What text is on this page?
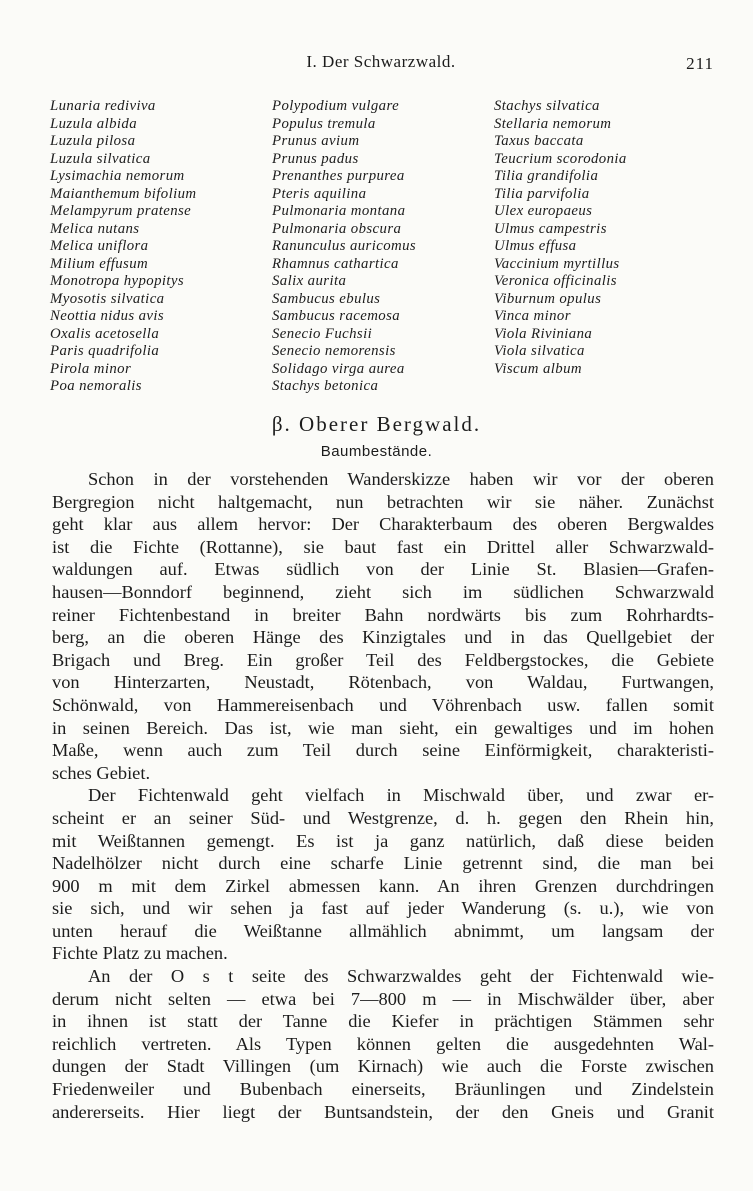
I. Der Schwarzwald.	211
Lunaria rediviva
Luzula albida
Luzula pilosa
Luzula silvatica
Lysimachia nemorum
Maianthemum bifolium
Melampyrum pratense
Melica nutans
Melica uniflora
Milium effusum
Monotropa hypopitys
Myosotis silvatica
Neottia nidus avis
Oxalis acetosella
Paris quadrifolia
Pirola minor
Poa nemoralis
Polypodium vulgare
Populus tremula
Prunus avium
Prunus padus
Prenanthes purpurea
Pteris aquilina
Pulmonaria montana
Pulmonaria obscura
Ranunculus auricomus
Rhamnus cathartica
Salix aurita
Sambucus ebulus
Sambucus racemosa
Senecio Fuchsii
Senecio nemorensis
Solidago virga aurea
Stachys betonica
Stachys silvatica
Stellaria nemorum
Taxus baccata
Teucrium scorodonia
Tilia grandifolia
Tilia parvifolia
Ulex europaeus
Ulmus campestris
Ulmus effusa
Vaccinium myrtillus
Veronica officinalis
Viburnum opulus
Vinca minor
Viola Riviniana
Viola silvatica
Viscum album
β. Oberer Bergwald.
Baumbestände.
Schon in der vorstehenden Wanderskizze haben wir vor der oberen
Bergregion nicht haltgemacht, nun betrachten wir sie näher. Zunächst
geht klar aus allem hervor: Der Charakterbaum des oberen Bergwaldes
ist die Fichte (Rottanne), sie baut fast ein Drittel aller Schwarzwald-
waldungen auf. Etwas südlich von der Linie St. Blasien—Grafen-
hausen—Bonndorf beginnend, zieht sich im südlichen Schwarzwald
reiner Fichtenbestand in breiter Bahn nordwärts bis zum Rohrhardts-
berg, an die oberen Hänge des Kinzigtales und in das Quellgebiet der
Brigach und Breg. Ein großer Teil des Feldbergstockes, die Gebiete
von Hinterzarten, Neustadt, Rötenbach, von Waldau, Furtwangen,
Schönwald, von Hammereisenbach und Vöhrenbach usw. fallen somit
in seinen Bereich. Das ist, wie man sieht, ein gewaltiges und im hohen
Maße, wenn auch zum Teil durch seine Einförmigkeit, charakteristi-
sches Gebiet.
Der Fichtenwald geht vielfach in Mischwald über, und zwar er-
scheint er an seiner Süd- und Westgrenze, d. h. gegen den Rhein hin,
mit Weißtannen gemengt. Es ist ja ganz natürlich, daß diese beiden
Nadelhölzer nicht durch eine scharfe Linie getrennt sind, die man bei
900 m mit dem Zirkel abmessen kann. An ihren Grenzen durchdringen
sie sich, und wir sehen ja fast auf jeder Wanderung (s. u.), wie von
unten herauf die Weißtanne allmählich abnimmt, um langsam der
Fichte Platz zu machen.
An der O s t seite des Schwarzwaldes geht der Fichtenwald wie-
derum nicht selten — etwa bei 7—800 m — in Mischwälder über, aber
in ihnen ist statt der Tanne die Kiefer in prächtigen Stämmen sehr
reichlich vertreten. Als Typen können gelten die ausgedehnten Wal-
dungen der Stadt Villingen (um Kirnach) wie auch die Forste zwischen
Friedenweiler und Bubenbach einerseits, Bräunlingen und Zindelstein
andererseits. Hier liegt der Buntsandstein, der den Gneis und Granit
